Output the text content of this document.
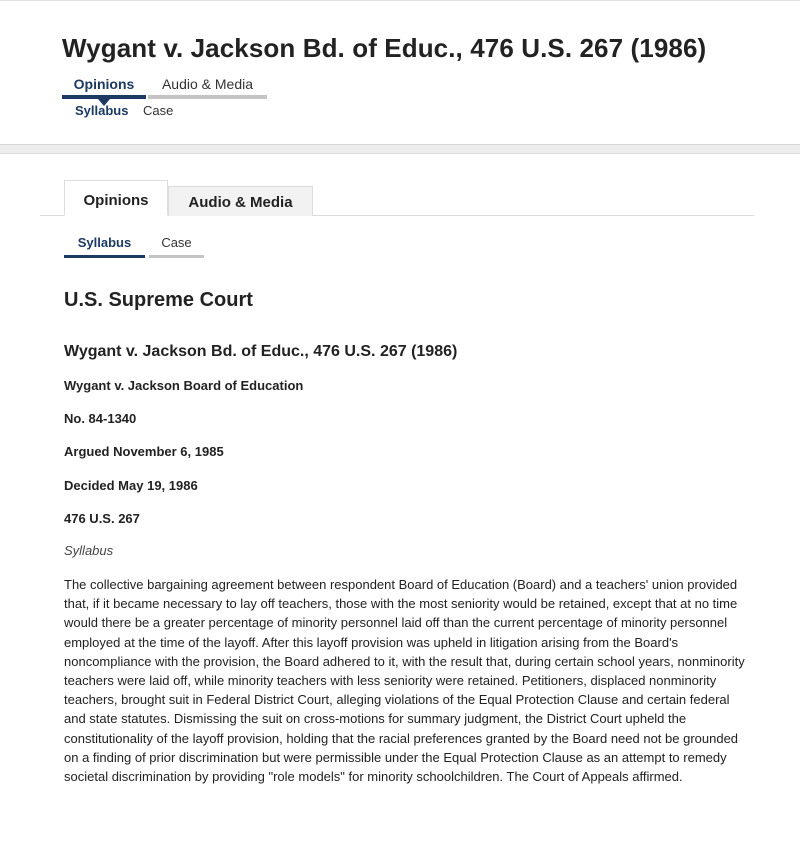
Wygant v. Jackson Bd. of Educ., 476 U.S. 267 (1986)
Opinions	Audio & Media
Syllabus Case
Opinions	Audio & Media
Syllabus	Case
U.S. Supreme Court
Wygant v. Jackson Bd. of Educ., 476 U.S. 267 (1986)
Wygant v. Jackson Board of Education
No. 84-1340
Argued November 6, 1985
Decided May 19, 1986
476 U.S. 267
Syllabus

The collective bargaining agreement between respondent Board of Education (Board) and a teachers' union provided that, if it became necessary to lay off teachers, those with the most seniority would be retained, except that at no time would there be a greater percentage of minority personnel laid off than the current percentage of minority personnel employed at the time of the layoff. After this layoff provision was upheld in litigation arising from the Board's noncompliance with the provision, the Board adhered to it, with the result that, during certain school years, nonminority teachers were laid off, while minority teachers with less seniority were retained. Petitioners, displaced nonminority teachers, brought suit in Federal District Court, alleging violations of the Equal Protection Clause and certain federal and state statutes. Dismissing the suit on cross-motions for summary judgment, the District Court upheld the constitutionality of the layoff provision, holding that the racial preferences granted by the Board need not be grounded on a finding of prior discrimination but were permissible under the Equal Protection Clause as an attempt to remedy societal discrimination by providing "role models" for minority schoolchildren. The Court of Appeals affirmed.
